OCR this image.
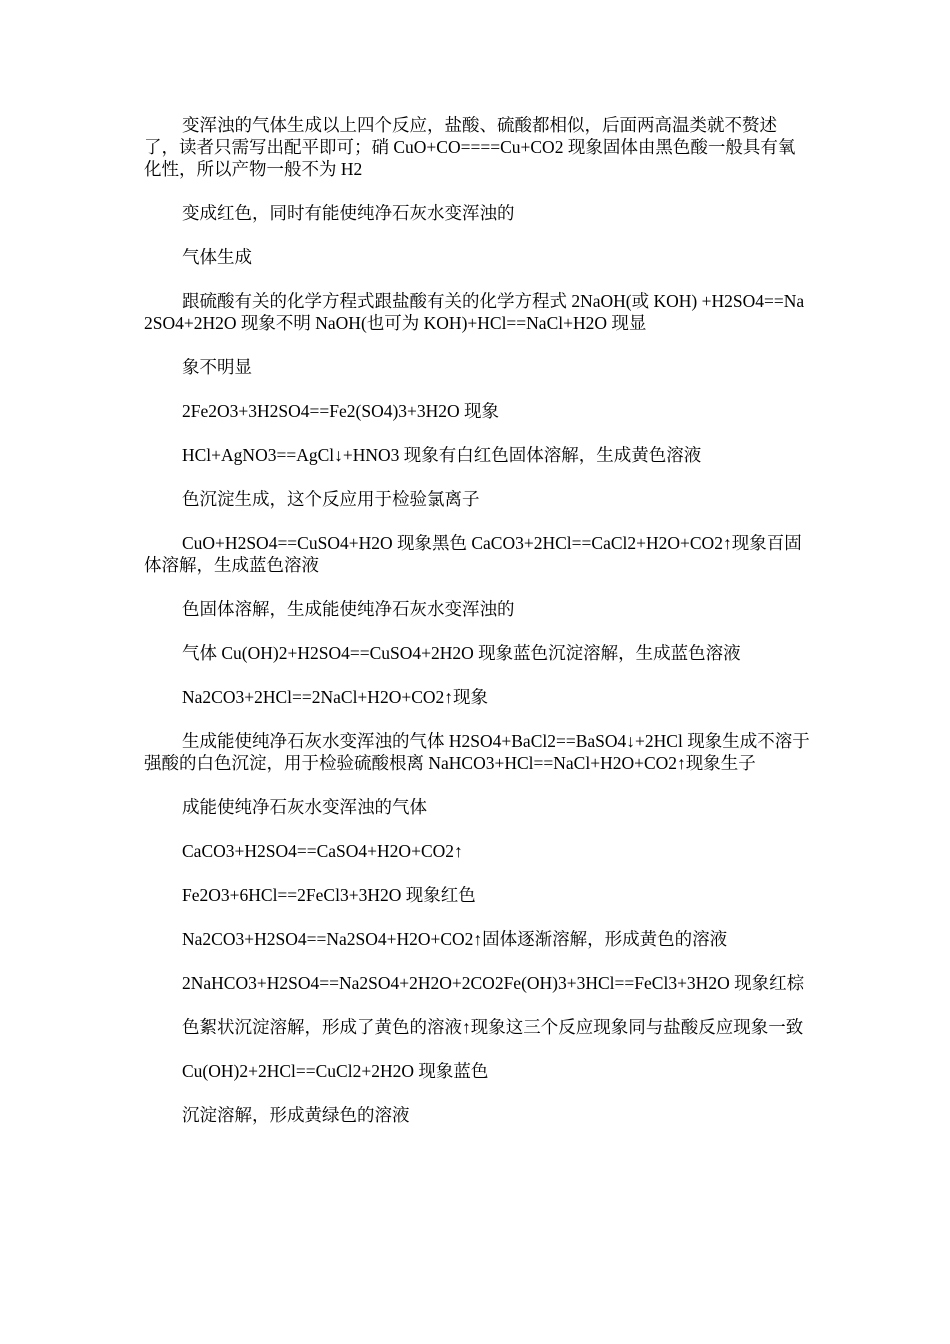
变浑浊的气体生成以上四个反应，盐酸、硫酸都相似，后面两高温类就不赘述了，读者只需写出配平即可；硝 CuO+CO====Cu+CO2 现象固体由黑色酸一般具有氧化性，所以产物一般不为 H2

变成红色，同时有能使纯净石灰水变浑浊的

气体生成

跟硫酸有关的化学方程式跟盐酸有关的化学方程式 2NaOH(或 KOH) +H2SO4==Na2SO4+2H2O 现象不明 NaOH(也可为 KOH)+HCl==NaCl+H2O 现显

象不明显

2Fe2O3+3H2SO4==Fe2(SO4)3+3H2O 现象

HCl+AgNO3==AgCl↓+HNO3 现象有白红色固体溶解，生成黄色溶液

色沉淀生成，这个反应用于检验氯离子

CuO+H2SO4==CuSO4+H2O 现象黑色 CaCO3+2HCl==CaCl2+H2O+CO2↑现象百固体溶解，生成蓝色溶液

色固体溶解，生成能使纯净石灰水变浑浊的

气体 Cu(OH)2+H2SO4==CuSO4+2H2O 现象蓝色沉淀溶解，生成蓝色溶液

Na2CO3+2HCl==2NaCl+H2O+CO2↑现象

生成能使纯净石灰水变浑浊的气体 H2SO4+BaCl2==BaSO4↓+2HCl 现象生成不溶于强酸的白色沉淀，用于检验硫酸根离 NaHCO3+HCl==NaCl+H2O+CO2↑现象生子

成能使纯净石灰水变浑浊的气体

CaCO3+H2SO4==CaSO4+H2O+CO2↑

Fe2O3+6HCl==2FeCl3+3H2O 现象红色

Na2CO3+H2SO4==Na2SO4+H2O+CO2↑固体逐渐溶解，形成黄色的溶液

2NaHCO3+H2SO4==Na2SO4+2H2O+2CO2Fe(OH)3+3HCl==FeCl3+3H2O 现象红棕

色絮状沉淀溶解，形成了黄色的溶液↑现象这三个反应现象同与盐酸反应现象一致

Cu(OH)2+2HCl==CuCl2+2H2O 现象蓝色

沉淀溶解，形成黄绿色的溶液
